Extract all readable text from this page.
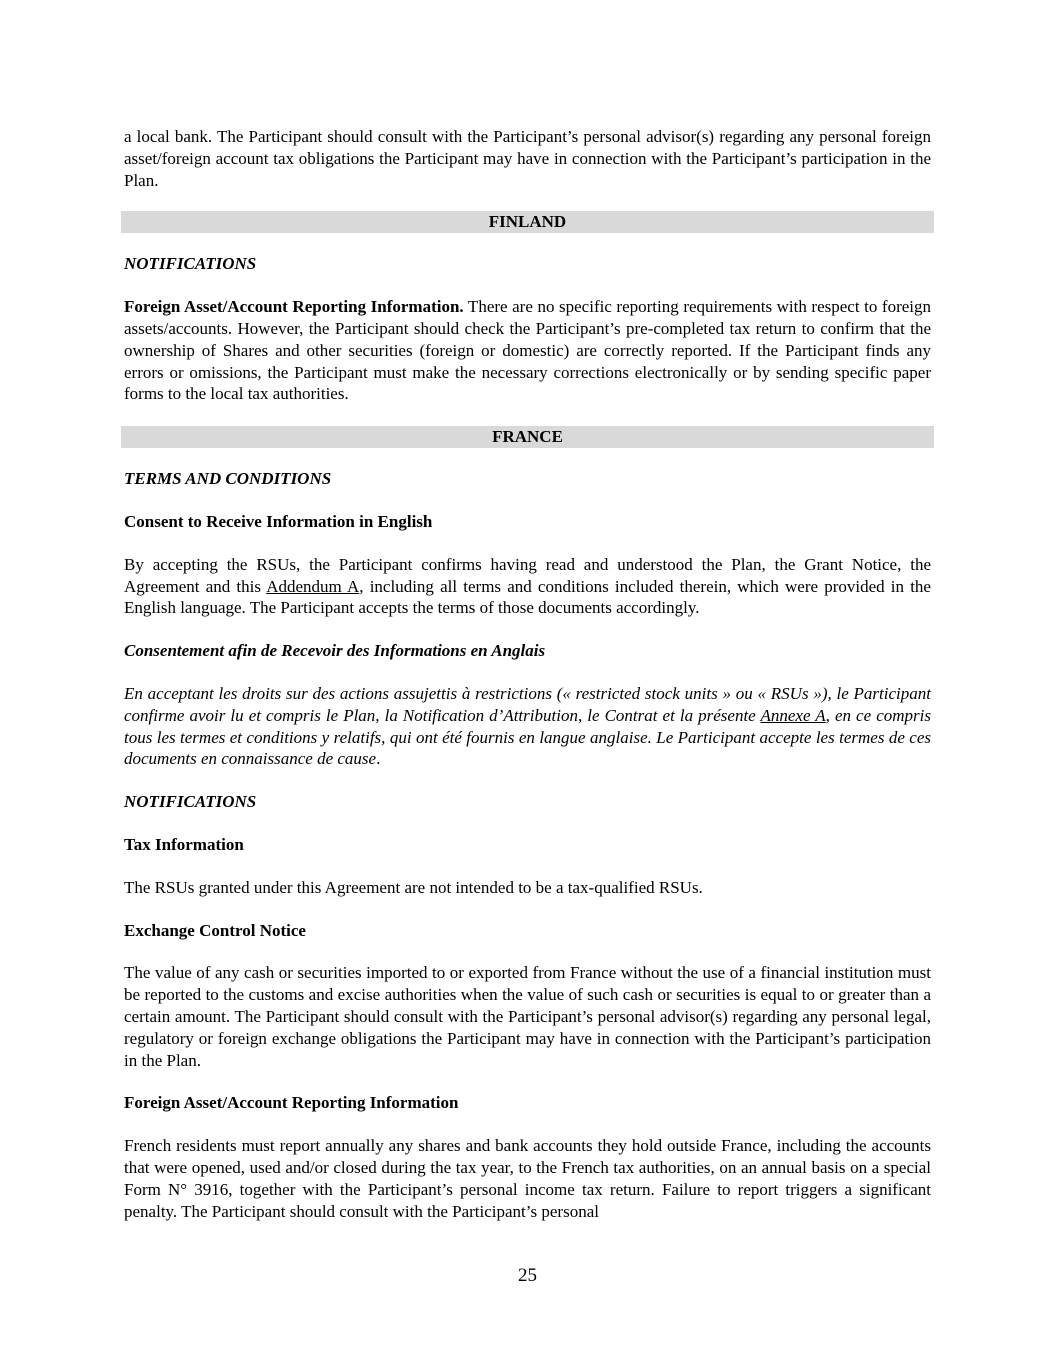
a local bank. The Participant should consult with the Participant’s personal advisor(s) regarding any personal foreign asset/foreign account tax obligations the Participant may have in connection with the Participant’s participation in the Plan.

FINLAND
NOTIFICATIONS

Foreign Asset/Account Reporting Information. There are no specific reporting requirements with respect to foreign assets/accounts. However, the Participant should check the Participant’s pre-completed tax return to confirm that the ownership of Shares and other securities (foreign or domestic) are correctly reported. If the Participant finds any errors or omissions, the Participant must make the necessary corrections electronically or by sending specific paper forms to the local tax authorities.

FRANCE
TERMS AND CONDITIONS
Consent to Receive Information in English

By accepting the RSUs, the Participant confirms having read and understood the Plan, the Grant Notice, the Agreement and this Addendum A, including all terms and conditions included therein, which were provided in the English language. The Participant accepts the terms of those documents accordingly.

Consentement afin de Recevoir des Informations en Anglais

En acceptant les droits sur des actions assujettis à restrictions (« restricted stock units » ou « RSUs »), le Participant confirme avoir lu et compris le Plan, la Notification d’Attribution, le Contrat et la présente Annexe A, en ce compris tous les termes et conditions y relatifs, qui ont été fournis en langue anglaise. Le Participant accepte les termes de ces documents en connaissance de cause.

NOTIFICATIONS
Tax Information

The RSUs granted under this Agreement are not intended to be a tax-qualified RSUs.

Exchange Control Notice

The value of any cash or securities imported to or exported from France without the use of a financial institution must be reported to the customs and excise authorities when the value of such cash or securities is equal to or greater than a certain amount. The Participant should consult with the Participant’s personal advisor(s) regarding any personal legal, regulatory or foreign exchange obligations the Participant may have in connection with the Participant’s participation in the Plan.

Foreign Asset/Account Reporting Information

French residents must report annually any shares and bank accounts they hold outside France, including the accounts that were opened, used and/or closed during the tax year, to the French tax authorities, on an annual basis on a special Form N° 3916, together with the Participant’s personal income tax return. Failure to report triggers a significant penalty. The Participant should consult with the Participant’s personal

25
